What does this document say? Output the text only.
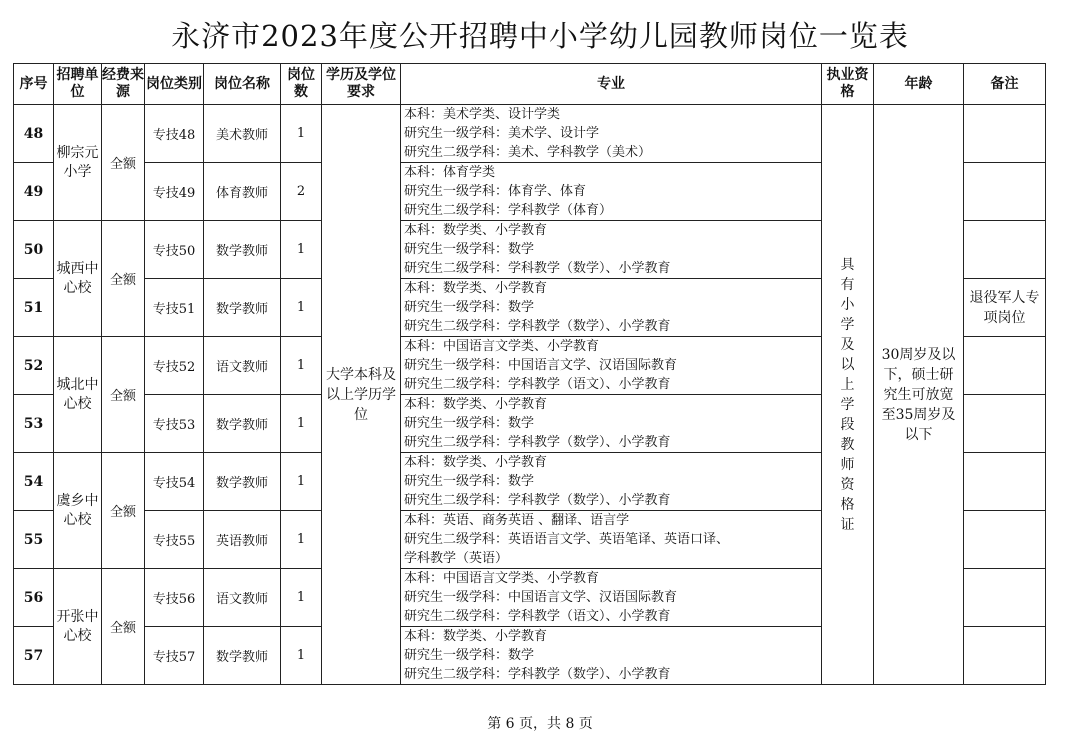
永济市2023年度公开招聘中小学幼儿园教师岗位一览表
序号	招聘单位	经费来源	岗位类别	岗位名称	岗位数	学历及学位要求	专业	执业资格	年龄	备注
48	柳宗元小学	全额	专技48	美术教师	1	大学本科及以上学历学位	本科：美术学类、设计学类
研究生一级学科：美术学、设计学
研究生二级学科：美术、学科教学（美术）	具有小学及以上学段教师资格证	30周岁及以下，硕士研究生可放宽至35周岁及以下	
49			专技49	体育教师	2		本科：体育学类
研究生一级学科：体育学、体育
研究生二级学科：学科教学（体育）			

50	城西中心校	全额	专技50	数学教师	1		本科：数学类、小学教育
研究生一级学科：数学
研究生二级学科：学科教学（数学）、小学教育			

51			专技51	数学教师	1		本科：数学类、小学教育
研究生一级学科：数学
研究生二级学科：学科教学（数学）、小学教育			退役军人专项岗位
52	城北中心校	全额	专技52	语文教师	1		本科：中国语言文学类、小学教育
研究生一级学科：中国语言文学、汉语国际教育
研究生二级学科：学科教学（语文）、小学教育			

53			专技53	数学教师	1		本科：数学类、小学教育
研究生一级学科：数学
研究生二级学科：学科教学（数学）、小学教育			

54	虞乡中心校	全额	专技54	数学教师	1		本科：数学类、小学教育
研究生一级学科：数学
研究生二级学科：学科教学（数学）、小学教育			

55			专技55	英语教师	1		本科：英语、商务英语 、翻译、语言学
研究生二级学科：英语语言文学、英语笔译、英语口译、
学科教学（英语）			

56	开张中心校	全额	专技56	语文教师	1		本科：中国语言文学类、小学教育
研究生一级学科：中国语言文学、汉语国际教育
研究生二级学科：学科教学（语文）、小学教育			

57			专技57	数学教师	1		本科：数学类、小学教育
研究生一级学科：数学
研究生二级学科：学科教学（数学）、小学教育			

第 6 页，共 8 页
